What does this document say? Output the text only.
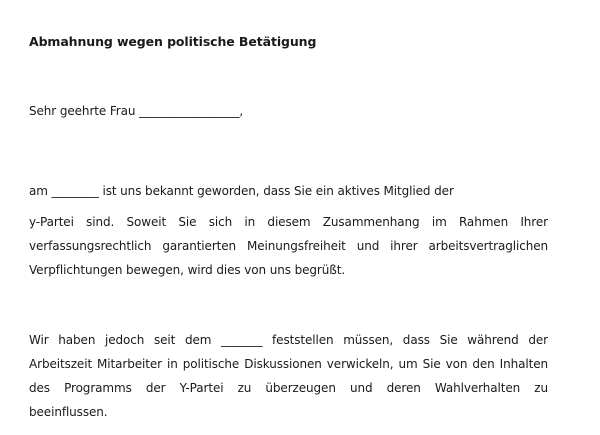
Abmahnung wegen politische Betätigung
Sehr geehrte Frau _________________,
am ________ ist uns bekannt geworden, dass Sie ein aktives Mitglied der
y-Partei sind. Soweit Sie sich in diesem Zusammenhang im Rahmen Ihrer
verfassungsrechtlich garantierten Meinungsfreiheit und ihrer arbeitsvertraglichen
Verpflichtungen bewegen, wird dies von uns begrüßt.
Wir haben jedoch seit dem _______ feststellen müssen, dass Sie während der
Arbeitszeit Mitarbeiter in politische Diskussionen verwickeln, um Sie von den Inhalten
des Programms der Y-Partei zu überzeugen und deren Wahlverhalten zu
beeinflussen.
